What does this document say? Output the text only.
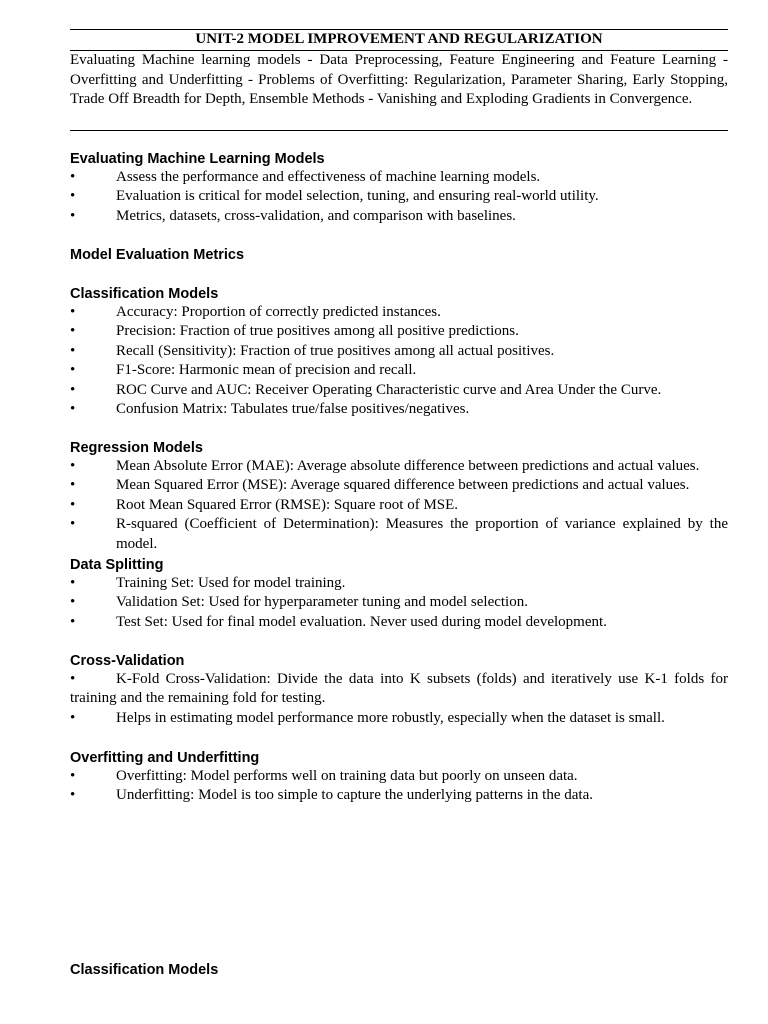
UNIT-2 MODEL IMPROVEMENT AND REGULARIZATION
Evaluating Machine learning models - Data Preprocessing, Feature Engineering and Feature Learning - Overfitting and Underfitting - Problems of Overfitting: Regularization, Parameter Sharing, Early Stopping, Trade Off Breadth for Depth, Ensemble Methods - Vanishing and Exploding Gradients in Convergence.
Evaluating Machine Learning Models
•	Assess the performance and effectiveness of machine learning models.
•	Evaluation is critical for model selection, tuning, and ensuring real-world utility.
•	Metrics, datasets, cross-validation, and comparison with baselines.
Model Evaluation Metrics
Classification Models
•	Accuracy: Proportion of correctly predicted instances.
•	Precision: Fraction of true positives among all positive predictions.
•	Recall (Sensitivity): Fraction of true positives among all actual positives.
•	F1-Score: Harmonic mean of precision and recall.
•	ROC Curve and AUC: Receiver Operating Characteristic curve and Area Under the Curve.
•	Confusion Matrix: Tabulates true/false positives/negatives.
Regression Models
•	Mean Absolute Error (MAE): Average absolute difference between predictions and actual values.
•	Mean Squared Error (MSE): Average squared difference between predictions and actual values.
•	Root Mean Squared Error (RMSE): Square root of MSE.
•	R-squared (Coefficient of Determination): Measures the proportion of variance explained by the model.
Data Splitting
•	Training Set: Used for model training.
•	Validation Set: Used for hyperparameter tuning and model selection.
•	Test Set: Used for final model evaluation. Never used during model development.
Cross-Validation
•	K-Fold Cross-Validation: Divide the data into K subsets (folds) and iteratively use K-1 folds for training and the remaining fold for testing.
•	Helps in estimating model performance more robustly, especially when the dataset is small.
Overfitting and Underfitting
•	Overfitting: Model performs well on training data but poorly on unseen data.
•	Underfitting: Model is too simple to capture the underlying patterns in the data.
Classification Models
